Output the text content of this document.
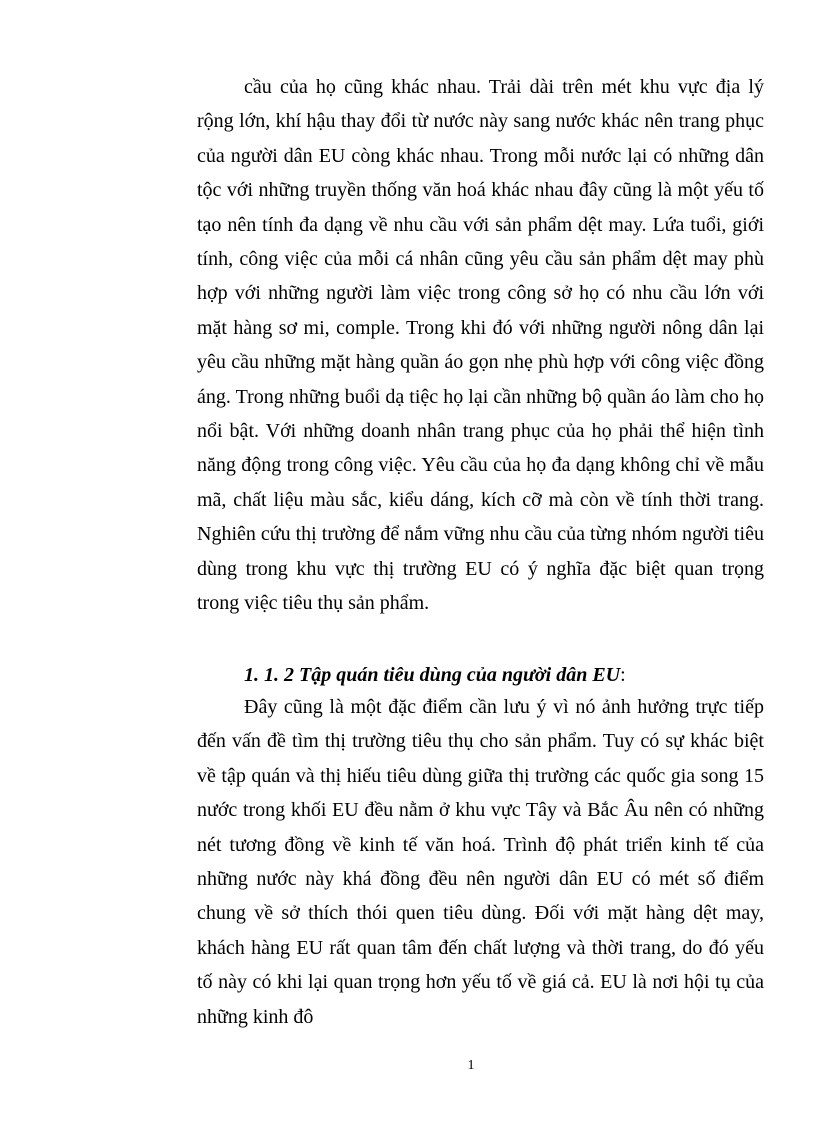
cầu của họ cũng khác nhau. Trải dài trên mét khu vực địa lý rộng lớn, khí hậu thay đổi từ nước này sang nước khác nên trang phục của người dân EU còng khác nhau. Trong mỗi nước lại có những dân tộc với những truyền thống văn hoá khác nhau đây cũng là một yếu tố tạo nên tính đa dạng về nhu cầu với sản phẩm dệt may. Lứa tuổi, giới tính, công việc của mỗi cá nhân cũng yêu cầu sản phẩm dệt may phù hợp với những người làm việc trong công sở họ có nhu cầu lớn với mặt hàng sơ mi, comple. Trong khi đó với những người nông dân lại yêu cầu những mặt hàng quần áo gọn nhẹ phù hợp với công việc đồng áng. Trong những buổi dạ tiệc họ lại cần những bộ quần áo làm cho họ nổi bật. Với những doanh nhân trang phục của họ phải thể hiện tình năng động trong công việc. Yêu cầu của họ đa dạng không chỉ về mẫu mã, chất liệu màu sắc, kiểu dáng, kích cỡ mà còn về tính thời trang. Nghiên cứu thị trường để nắm vững nhu cầu của từng nhóm người tiêu dùng trong khu vực thị trường EU có ý nghĩa đặc biệt quan trọng trong việc tiêu thụ sản phẩm.

1. 1. 2 Tập quán tiêu dùng của người dân EU:

Đây cũng là một đặc điểm cần lưu ý vì nó ảnh hưởng trực tiếp đến vấn đề tìm thị trường tiêu thụ cho sản phẩm. Tuy có sự khác biệt về tập quán và thị hiếu tiêu dùng giữa thị trường các quốc gia song 15 nước trong khối EU đều nằm ở khu vực Tây và Bắc Âu nên có những nét tương đồng về kinh tế văn hoá. Trình độ phát triển kinh tế của những nước này khá đồng đều nên người dân EU có mét số điểm chung về sở thích thói quen tiêu dùng. Đối với mặt hàng dệt may, khách hàng EU rất quan tâm đến chất lượng và thời trang, do đó yếu tố này có khi lại quan trọng hơn yếu tố về giá cả. EU là nơi hội tụ của những kinh đô

1
